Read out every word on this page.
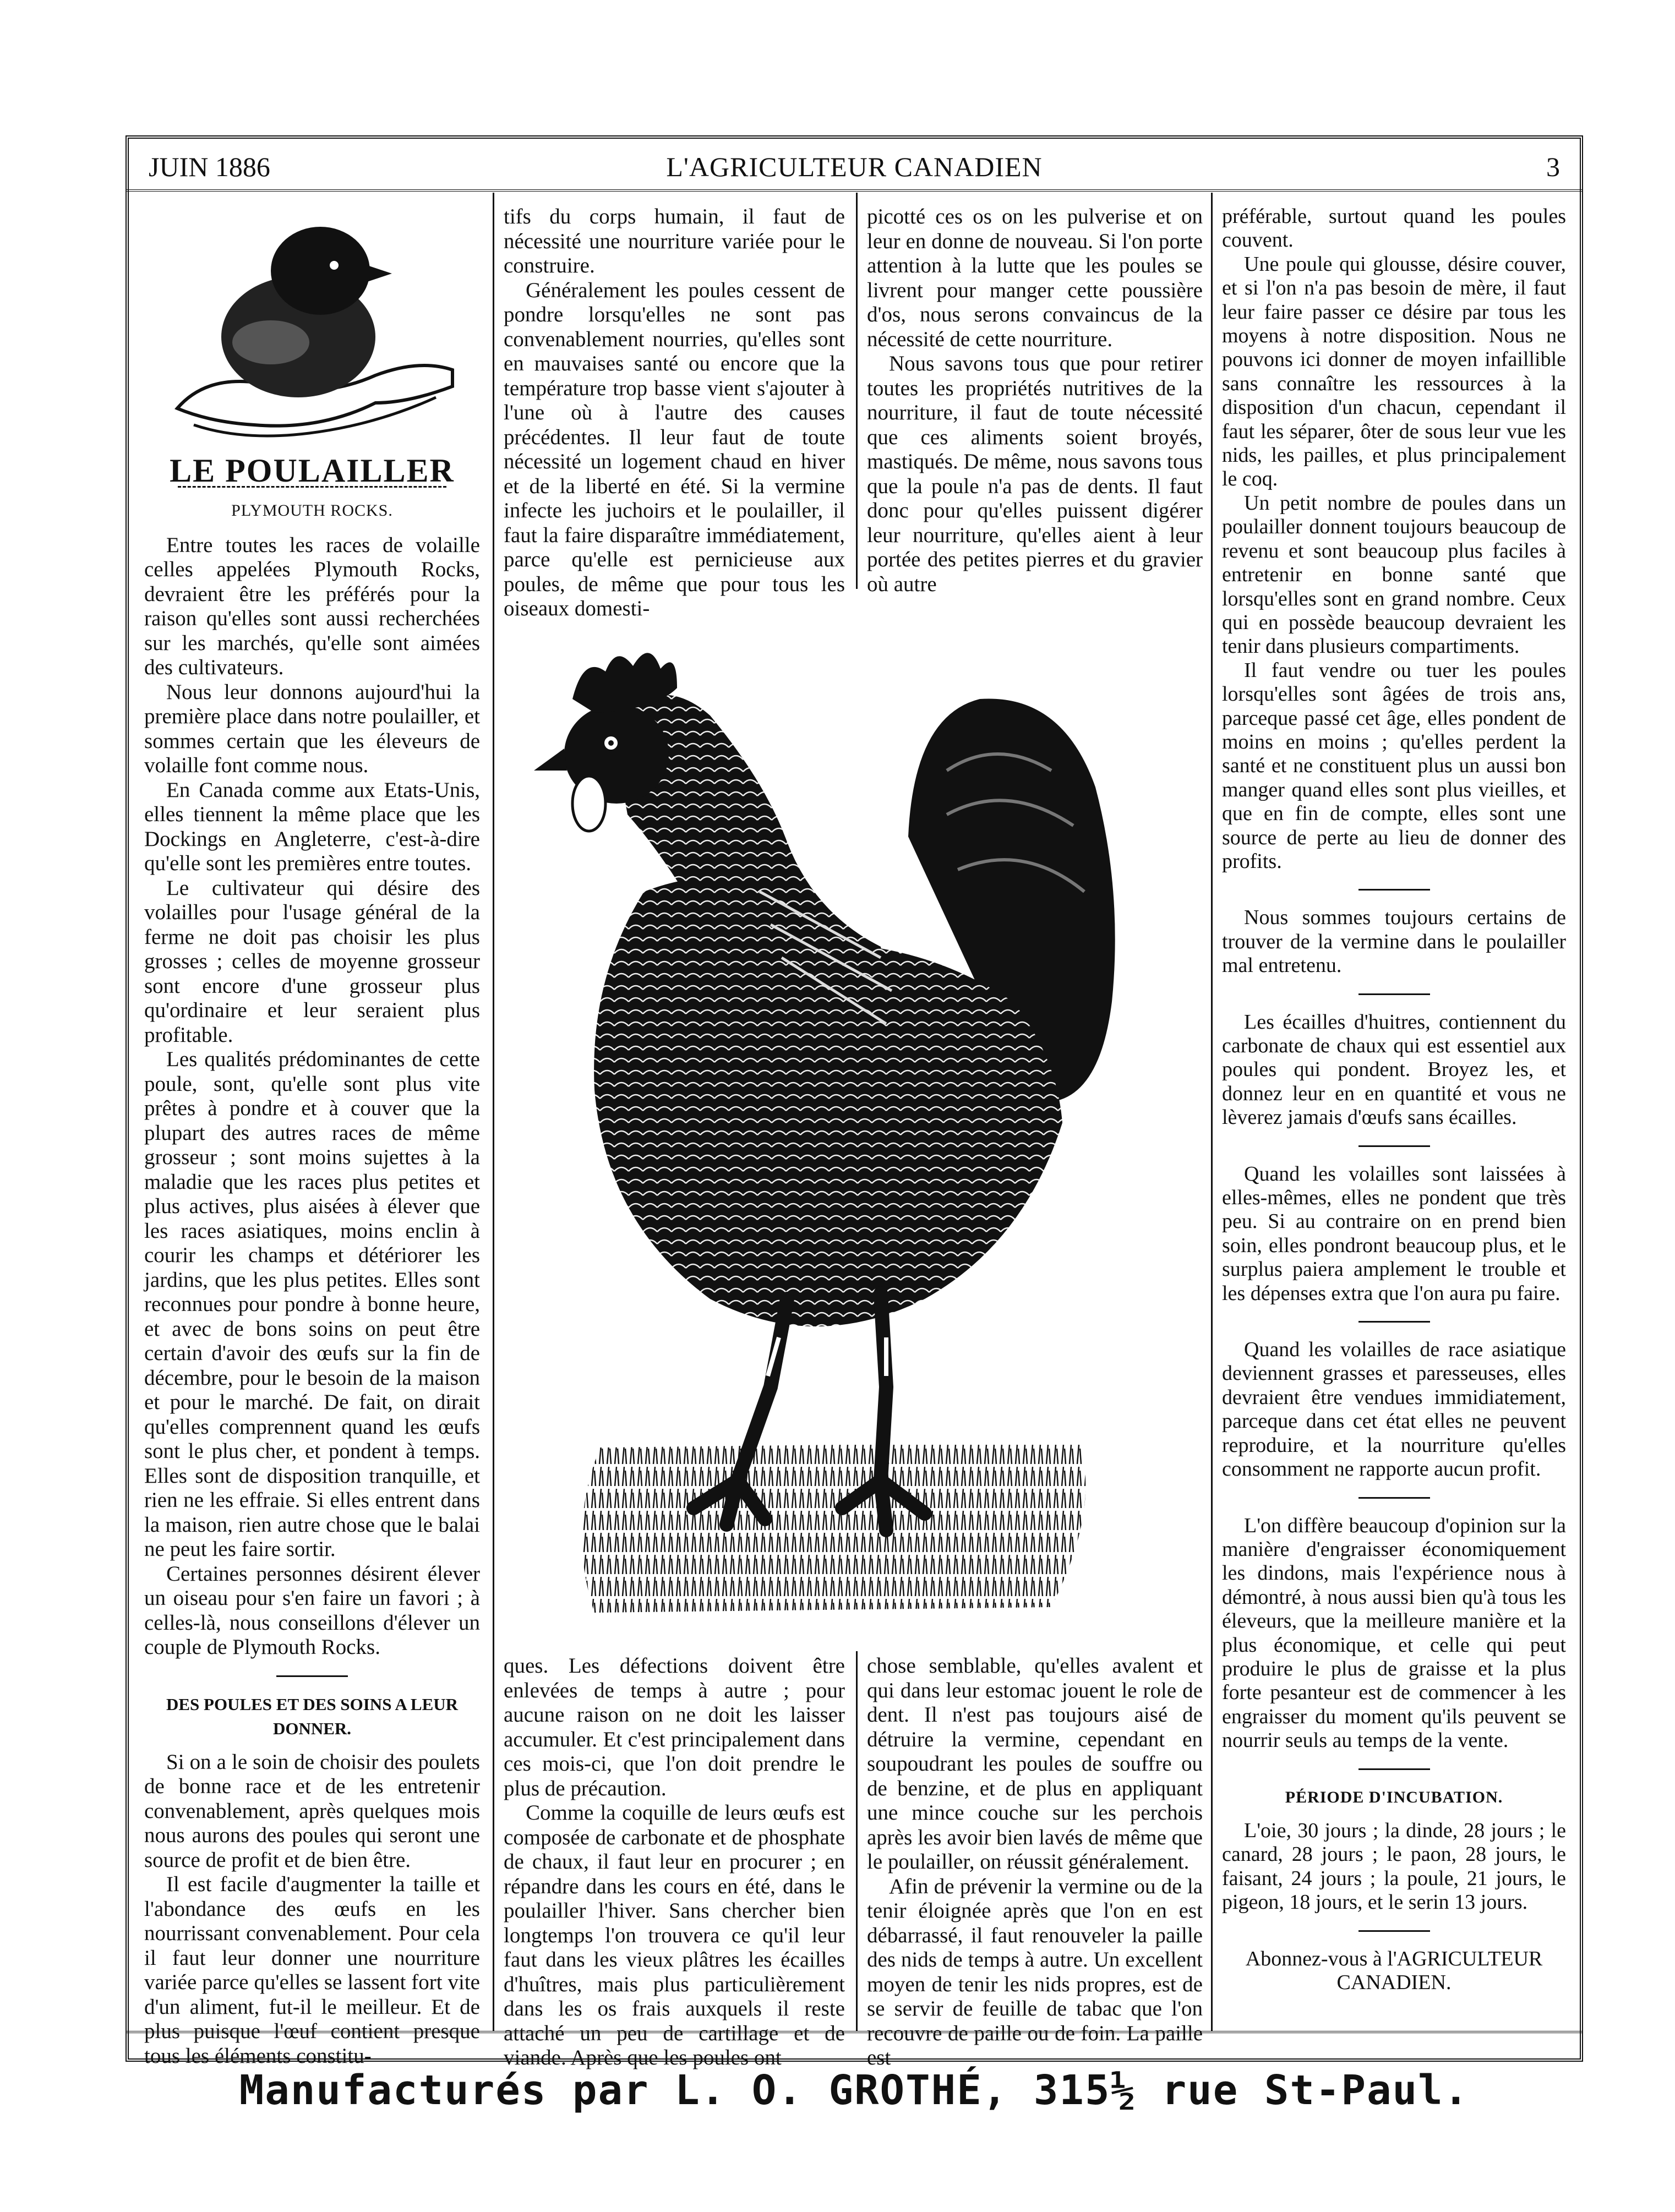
JUIN 1886	L'AGRICULTEUR CANADIEN	3
LE POULAILLER
PLYMOUTH ROCKS.

Entre toutes les races de volaille celles appelées Plymouth Rocks, devraient être les préférés pour la raison qu'elles sont aussi recherchées sur les marchés, qu'elle sont aimées des cultivateurs.

Nous leur donnons aujourd'hui la première place dans notre poulailler, et sommes certain que les éleveurs de volaille font comme nous.

En Canada comme aux Etats-Unis, elles tiennent la même place que les Dockings en Angleterre, c'est-à-dire qu'elle sont les premières entre toutes.

Le cultivateur qui désire des volailles pour l'usage général de la ferme ne doit pas choisir les plus grosses ; celles de moyenne grosseur sont encore d'une grosseur plus qu'ordinaire et leur seraient plus profitable.

Les qualités prédominantes de cette poule, sont, qu'elle sont plus vite prêtes à pondre et à couver que la plupart des autres races de même grosseur ; sont moins sujettes à la maladie que les races plus petites et plus actives, plus aisées à élever que les races asiatiques, moins enclin à courir les champs et détériorer les jardins, que les plus petites. Elles sont reconnues pour pondre à bonne heure, et avec de bons soins on peut être certain d'avoir des œufs sur la fin de décembre, pour le besoin de la maison et pour le marché. De fait, on dirait qu'elles comprennent quand les œufs sont le plus cher, et pondent à temps. Elles sont de disposition tranquille, et rien ne les effraie. Si elles entrent dans la maison, rien autre chose que le balai ne peut les faire sortir.

Certaines personnes désirent élever un oiseau pour s'en faire un favori ; à celles-là, nous conseillons d'élever un couple de Plymouth Rocks.

DES POULES ET DES SOINS A LEUR DONNER.

Si on a le soin de choisir des poulets de bonne race et de les entretenir convenablement, après quelques mois nous aurons des poules qui seront une source de profit et de bien être.

Il est facile d'augmenter la taille et l'abondance des œufs en les nourrissant convenablement. Pour cela il faut leur donner une nourriture variée parce qu'elles se lassent fort vite d'un aliment, fut-il le meilleur. Et de plus puisque l'œuf contient presque tous les éléments constitu-

tifs du corps humain, il faut de nécessité une nourriture variée pour le construire.

Généralement les poules cessent de pondre lorsqu'elles ne sont pas convenablement nourries, qu'elles sont en mauvaises santé ou encore que la température trop basse vient s'ajouter à l'une où à l'autre des causes précédentes. Il leur faut de toute nécessité un logement chaud en hiver et de la liberté en été. Si la vermine infecte les juchoirs et le poulailler, il faut la faire disparaître immédiatement, parce qu'elle est pernicieuse aux poules, de même que pour tous les oiseaux domesti-

picotté ces os on les pulverise et on leur en donne de nouveau. Si l'on porte attention à la lutte que les poules se livrent pour manger cette poussière d'os, nous serons convaincus de la nécessité de cette nourriture.

Nous savons tous que pour retirer toutes les propriétés nutritives de la nourriture, il faut de toute nécessité que ces aliments soient broyés, mastiqués. De même, nous savons tous que la poule n'a pas de dents. Il faut donc pour qu'elles puissent digérer leur nourriture, qu'elles aient à leur portée des petites pierres et du gravier où autre

ques. Les défections doivent être enlevées de temps à autre ; pour aucune raison on ne doit les laisser accumuler. Et c'est principalement dans ces mois-ci, que l'on doit prendre le plus de précaution.

Comme la coquille de leurs œufs est composée de carbonate et de phosphate de chaux, il faut leur en procurer ; en répandre dans les cours en été, dans le poulailler l'hiver. Sans chercher bien longtemps l'on trouvera ce qu'il leur faut dans les vieux plâtres les écailles d'huîtres, mais plus particulièrement dans les os frais auxquels il reste attaché un peu de cartillage et de viande. Après que les poules ont

chose semblable, qu'elles avalent et qui dans leur estomac jouent le role de dent. Il n'est pas toujours aisé de détruire la vermine, cependant en soupoudrant les poules de souffre ou de benzine, et de plus en appliquant une mince couche sur les perchois après les avoir bien lavés de même que le poulailler, on réussit généralement.

Afin de prévenir la vermine ou de la tenir éloignée après que l'on en est débarrassé, il faut renouveler la paille des nids de temps à autre. Un excellent moyen de tenir les nids propres, est de se servir de feuille de tabac que l'on recouvre de paille ou de foin. La paille est

préférable, surtout quand les poules couvent.

Une poule qui glousse, désire couver, et si l'on n'a pas besoin de mère, il faut leur faire passer ce désire par tous les moyens à notre disposition. Nous ne pouvons ici donner de moyen infaillible sans connaître les ressources à la disposition d'un chacun, cependant il faut les séparer, ôter de sous leur vue les nids, les pailles, et plus principalement le coq.

Un petit nombre de poules dans un poulailler donnent toujours beaucoup de revenu et sont beaucoup plus faciles à entretenir en bonne santé que lorsqu'elles sont en grand nombre. Ceux qui en possède beaucoup devraient les tenir dans plusieurs compartiments.

Il faut vendre ou tuer les poules lorsqu'elles sont âgées de trois ans, parceque passé cet âge, elles pondent de moins en moins ; qu'elles perdent la santé et ne constituent plus un aussi bon manger quand elles sont plus vieilles, et que en fin de compte, elles sont une source de perte au lieu de donner des profits.

Nous sommes toujours certains de trouver de la vermine dans le poulailler mal entretenu.

Les écailles d'huitres, contiennent du carbonate de chaux qui est essentiel aux poules qui pondent. Broyez les, et donnez leur en en quantité et vous ne lèverez jamais d'œufs sans écailles.

Quand les volailles sont laissées à elles-mêmes, elles ne pondent que très peu. Si au contraire on en prend bien soin, elles pondront beaucoup plus, et le surplus paiera amplement le trouble et les dépenses extra que l'on aura pu faire.

Quand les volailles de race asiatique deviennent grasses et paresseuses, elles devraient être vendues immidiatement, parceque dans cet état elles ne peuvent reproduire, et la nourriture qu'elles consomment ne rapporte aucun profit.

L'on diffère beaucoup d'opinion sur la manière d'engraisser économiquement les dindons, mais l'expérience nous à démontré, à nous aussi bien qu'à tous les éleveurs, que la meilleure manière et la plus économique, et celle qui peut produire le plus de graisse et la plus forte pesanteur est de commencer à les engraisser du moment qu'ils peuvent se nourrir seuls au temps de la vente.

PÉRIODE D'INCUBATION.

L'oie, 30 jours ; la dinde, 28 jours ; le canard, 28 jours ; le paon, 28 jours, le faisant, 24 jours ; la poule, 21 jours, le pigeon, 18 jours, et le serin 13 jours.

Abonnez-vous à l'AGRICULTEUR CANADIEN.

Manufacturés par L. O. GROTHÉ, 315½ rue St-Paul.
